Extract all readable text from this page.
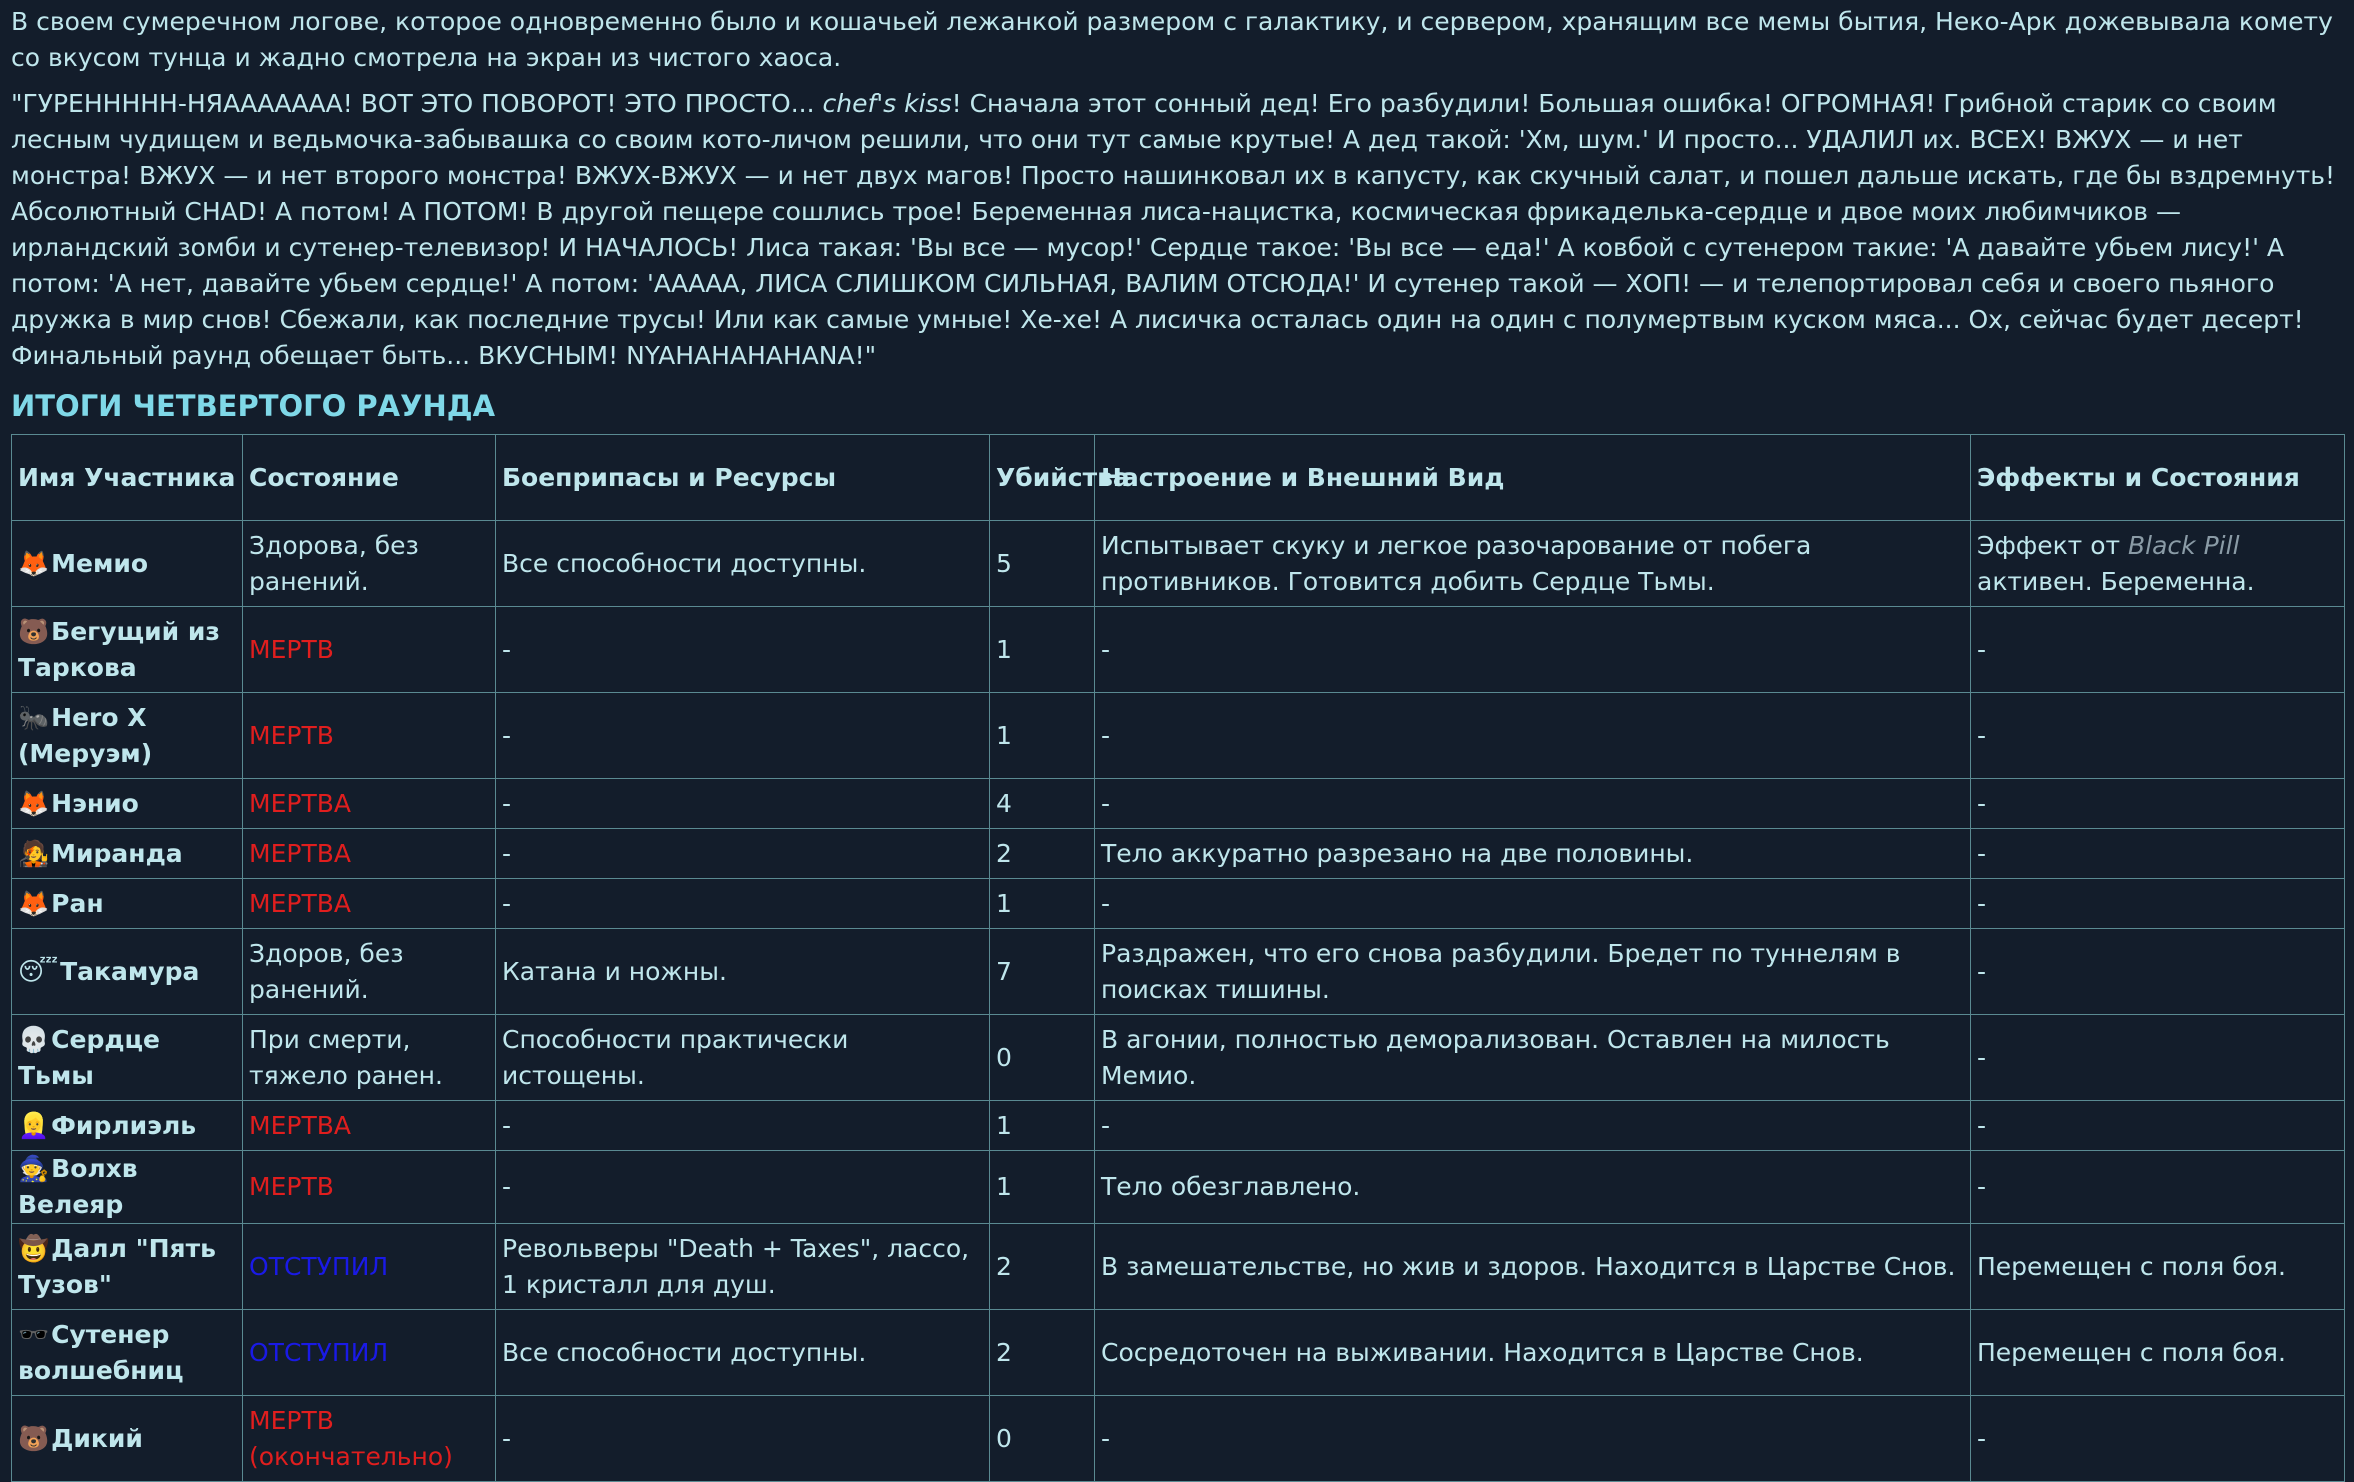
В своем сумеречном логове, которое одновременно было и кошачьей лежанкой размером с галактику, и сервером, хранящим все мемы бытия, Неко-Арк дожевывала комету со вкусом тунца и жадно смотрела на экран из чистого хаоса.

"ГУРЕННННН-НЯААААААА! ВОТ ЭТО ПОВОРОТ! ЭТО ПРОСТО... chef's kiss! Сначала этот сонный дед! Его разбудили! Большая ошибка! ОГРОМНАЯ! Грибной старик со своим лесным чудищем и ведьмочка-забывашка со своим кото-личом решили, что они тут самые крутые! А дед такой: 'Хм, шум.' И просто... УДАЛИЛ их. ВСЕХ! ВЖУХ — и нет монстра! ВЖУХ — и нет второго монстра! ВЖУХ-ВЖУХ — и нет двух магов! Просто нашинковал их в капусту, как скучный салат, и пошел дальше искать, где бы вздремнуть! Абсолютный CHAD! А потом! А ПОТОМ! В другой пещере сошлись трое! Беременная лиса-нацистка, космическая фрикаделька-сердце и двое моих любимчиков — ирландский зомби и сутенер-телевизор! И НАЧАЛОСЬ! Лиса такая: 'Вы все — мусор!' Сердце такое: 'Вы все — еда!' А ковбой с сутенером такие: 'А давайте убьем лису!' А потом: 'А нет, давайте убьем сердце!' А потом: 'ААААА, ЛИСА СЛИШКОМ СИЛЬНАЯ, ВАЛИМ ОТСЮДА!' И сутенер такой — ХОП! — и телепортировал себя и своего пьяного дружка в мир снов! Сбежали, как последние трусы! Или как самые умные! Хе-хе! А лисичка осталась один на один с полумертвым куском мяса... Ох, сейчас будет десерт! Финальный раунд обещает быть... ВКУСНЫМ! NYAHAHAHAHANA!"

ИТОГИ ЧЕТВЕРТОГО РАУНДА
Имя Участника	Состояние	Боеприпасы и Ресурсы	Убийства	Настроение и Внешний Вид	Эффекты и Состояния
🦊Мемио	Здорова, без ранений.	Все способности доступны.	5	Испытывает скуку и легкое разочарование от побега противников. Готовится добить Сердце Тьмы.	Эффект от Black Pill активен. Беременна.
🐻Бегущий из Таркова	МЕРТВ	-	1	-	-
🐜Hero X (Меруэм)	МЕРТВ	-	1	-	-
🦊Нэнио	МЕРТВА	-	4	-	-
🧑‍🎤Миранда	МЕРТВА	-	2	Тело аккуратно разрезано на две половины.	-
🦊Ран	МЕРТВА	-	1	-	-
😴Такамура	Здоров, без ранений.	Катана и ножны.	7	Раздражен, что его снова разбудили. Бредет по туннелям в поисках тишины.	-
💀Сердце Тьмы	При смерти, тяжело ранен.	Способности практически истощены.	0	В агонии, полностью деморализован. Оставлен на милость Мемио.	-
👱‍♀️Фирлиэль	МЕРТВА	-	1	-	-
🧙Волхв Велеяр	МЕРТВ	-	1	Тело обезглавлено.	-
🤠Далл "Пять Тузов"	ОТСТУПИЛ	Револьверы "Death + Taxes", лассо, 1 кристалл для душ.	2	В замешательстве, но жив и здоров. Находится в Царстве Снов.	Перемещен с поля боя.
🕶️Сутенер волшебниц	ОТСТУПИЛ	Все способности доступны.	2	Сосредоточен на выживании. Находится в Царстве Снов.	Перемещен с поля боя.
🐻Дикий	МЕРТВ (окончательно)	-	0	-	-
